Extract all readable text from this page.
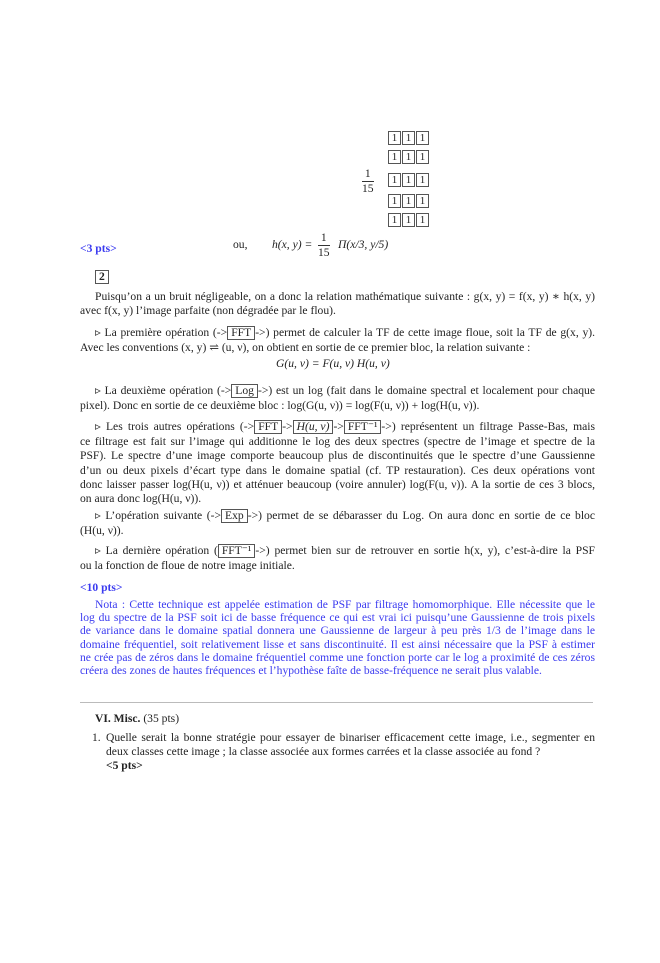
$\frac{1}{15}$
1 1 1
1 1 1
1 1 1
1 1 1
1 1 1
ou, h(x, $y) = \frac{1}{15} \Pi(x/3$, y/5)
<3 pts>
2
Puisqu’on a un bruit négligeable, on a donc la relation mathématique suivante : g(x, y) = f(x, y) ∗ h(x, y)
avec f(x, y) l’image parfaite (non dégradée par le flou).
▹ La première opération (-> FFT ->) permet de calculer la TF de cette image floue, soit la TF de g(x, y).
Avec les conventions (x, y) ⇌ (u, ν), on obtient en sortie de ce premier bloc, la relation suivante :
G(u, ν) = F(u, ν) H(u, ν)
▹ La deuxième opération (-> Log ->) est un log (fait dans le domaine spectral et localement pour chaque
pixel). Donc en sortie de ce deuxième bloc : log(G(u, ν)) = log(F(u, ν)) + log(H(u, ν)).
▹ Les trois autres opérations (-> FFT -> H(u, ν) -> FFT⁻¹ ->) représentent un filtrage Passe-Bas, mais
ce filtrage est fait sur l’image qui additionne le log des deux spectres (spectre de l’image et spectre de la
PSF). Le spectre d’une image comporte beaucoup plus de discontinuités que le spectre d’une Gaussienne
d’un ou deux pixels d’écart type dans le domaine spatial (cf. TP restauration). Ces deux opérations vont
donc laisser passer log(H(u, ν)) et atténuer beaucoup (voire annuler) log(F(u, ν)). A la sortie de ces 3 blocs,
on aura donc log(H(u, ν)).
▹ L’opération suivante (-> Exp ->) permet de se débarasser du Log. On aura donc en sortie de ce bloc
(H(u, ν)).
▹ La dernière opération ( FFT⁻¹ ->) permet bien sur de retrouver en sortie h(x, y), c’est-à-dire la PSF
ou la fonction de floue de notre image initiale.
<10 pts>
Nota : Cette technique est appelée estimation de PSF par filtrage homomorphique. Elle nécessite que le
log du spectre de la PSF soit ici de basse fréquence ce qui est vrai ici puisqu’une Gaussienne de trois pixels
de variance dans le domaine spatial donnera une Gaussienne de largeur à peu près 1/3 de l’image dans le
domaine fréquentiel, soit relativement lisse et sans discontinuité. Il est ainsi nécessaire que la PSF à estimer
ne crée pas de zéros dans le domaine fréquentiel comme une fonction porte car le log a proximité de ces zéros
créera des zones de hautes fréquences et l’hypothèse faîte de basse-fréquence ne serait plus valable.
VI. Misc. (35 pts)
1. Quelle serait la bonne stratégie pour essayer de binariser efficacement cette image, i.e., segmenter en
deux classes cette image ; la classe associée aux formes carrées et la classe associée au fond ?
<5 pts>
